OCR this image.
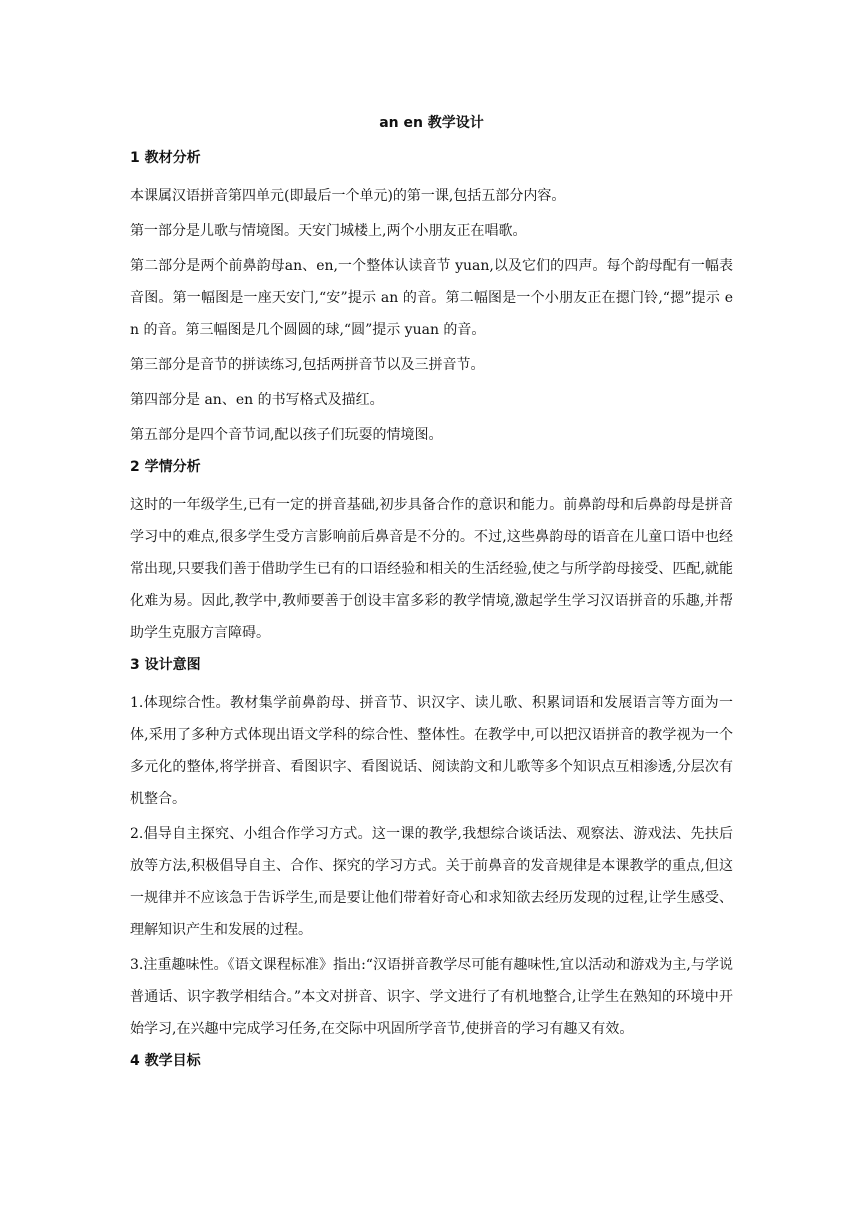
an en 教学设计
1 教材分析

本课属汉语拼音第四单元(即最后一个单元)的第一课,包括五部分内容。

第一部分是儿歌与情境图。天安门城楼上,两个小朋友正在唱歌。

第二部分是两个前鼻韵母an、en,一个整体认读音节 yuan,以及它们的四声。每个韵母配有一幅表音图。第一幅图是一座天安门,“安”提示 an 的音。第二幅图是一个小朋友正在摁门铃,“摁”提示 en 的音。第三幅图是几个圆圆的球,“圆”提示 yuan 的音。

第三部分是音节的拼读练习,包括两拼音节以及三拼音节。

第四部分是 an、en 的书写格式及描红。

第五部分是四个音节词,配以孩子们玩耍的情境图。

2 学情分析

这时的一年级学生,已有一定的拼音基础,初步具备合作的意识和能力。前鼻韵母和后鼻韵母是拼音学习中的难点,很多学生受方言影响前后鼻音是不分的。不过,这些鼻韵母的语音在儿童口语中也经常出现,只要我们善于借助学生已有的口语经验和相关的生活经验,使之与所学韵母接受、匹配,就能化难为易。因此,教学中,教师要善于创设丰富多彩的教学情境,激起学生学习汉语拼音的乐趣,并帮助学生克服方言障碍。

3 设计意图

1.体现综合性。教材集学前鼻韵母、拼音节、识汉字、读儿歌、积累词语和发展语言等方面为一体,采用了多种方式体现出语文学科的综合性、整体性。在教学中,可以把汉语拼音的教学视为一个多元化的整体,将学拼音、看图识字、看图说话、阅读韵文和儿歌等多个知识点互相渗透,分层次有机整合。

2.倡导自主探究、小组合作学习方式。这一课的教学,我想综合谈话法、观察法、游戏法、先扶后放等方法,积极倡导自主、合作、探究的学习方式。关于前鼻音的发音规律是本课教学的重点,但这一规律并不应该急于告诉学生,而是要让他们带着好奇心和求知欲去经历发现的过程,让学生感受、理解知识产生和发展的过程。

3.注重趣味性。《语文课程标准》指出:“汉语拼音教学尽可能有趣味性,宜以活动和游戏为主,与学说普通话、识字教学相结合。”本文对拼音、识字、学文进行了有机地整合,让学生在熟知的环境中开始学习,在兴趣中完成学习任务,在交际中巩固所学音节,使拼音的学习有趣又有效。

4 教学目标
